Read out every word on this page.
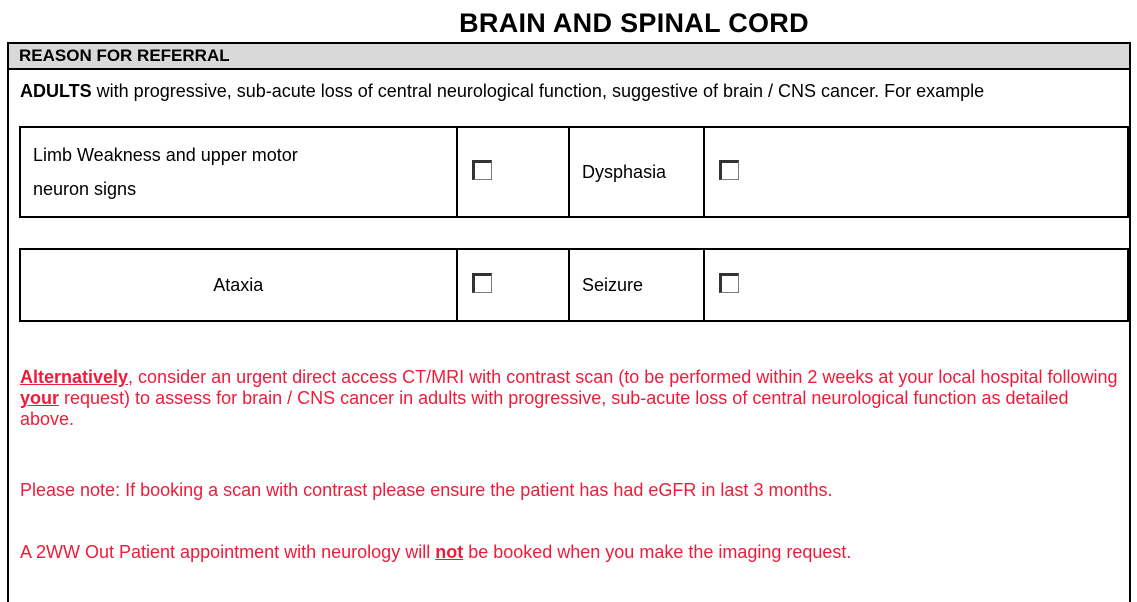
BRAIN AND SPINAL CORD
REASON FOR REFERRAL
ADULTS with progressive, sub-acute loss of central neurological function, suggestive of brain / CNS cancer. For example
Limb Weakness and upper motor
neuron signs		Dysphasia	
Ataxia		Seizure	
Alternatively, consider an urgent direct access CT/MRI with contrast scan (to be performed within 2 weeks at your local hospital following your request) to assess for brain / CNS cancer in adults with progressive, sub-acute loss of central neurological function as detailed above.
Please note: If booking a scan with contrast please ensure the patient has had eGFR in last 3 months.
A 2WW Out Patient appointment with neurology will not be booked when you make the imaging request.
